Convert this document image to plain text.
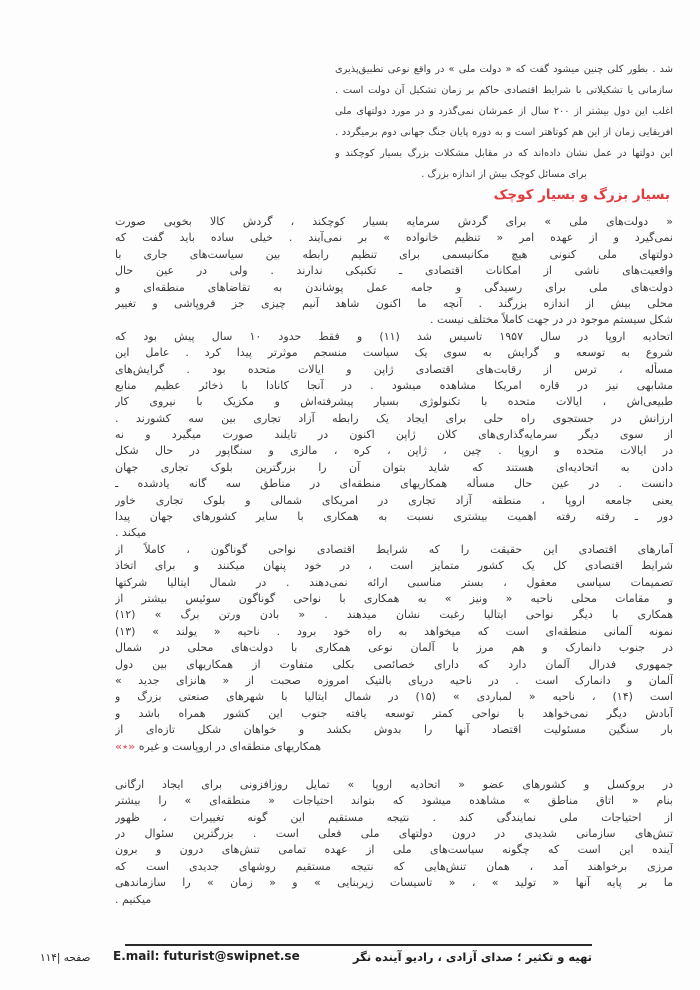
شد . بطور کلی چنین میشود گفت که « دولت ملی » در واقع نوعی تطبیق‌پذیری
سازمانی یا تشکیلاتی با شرایط اقتصادی حاکم بر زمان تشکیل آن دولت است .
اغلب این دول بیشتر از ۲۰۰ سال از عمرشان نمی‌گذرد و در مورد دولتهای ملی
افریقایی زمان از این هم کوتاهتر است و به دوره پایان جنگ جهانی دوم برمیگردد .
این دولتها در عمل نشان داده‌اند که در مقابل مشکلات بزرگ بسیار کوچکند و
برای مسائل کوچک بیش از اندازه بزرگ .
بسیار بزرگ و بسیار کوچک
« دولت‌های ملی » برای گردش سرمایه بسیار کوچکند ، گردش کالا بخوبی صورت
نمی‌گیرد و از عهده امر « تنظیم خانواده » بر نمی‌آیند . خیلی ساده باید گفت که
دولتهای ملی کنونی هیچ مکانیسمی برای تنظیم رابطه بین سیاست‌های جاری با
واقعیت‌های ناشی از امکانات اقتصادی ـ تکنیکی ندارند . ولی در عین حال
دولت‌های ملی برای رسیدگی و جامه عمل پوشاندن به تقاضاهای منطقه‌ای و
محلی بیش از اندازه بزرگند . آنچه ما اکنون شاهد آنیم چیزی جز فروپاشی و تغییر
شکل سیستم موجود در در جهت کاملاً مختلف نیست .
اتحادیه اروپا در سال ۱۹۵۷ تاسیس شد (۱۱) و فقط حدود ۱۰ سال پیش بود که
شروع به توسعه و گرایش به سوی یک سیاست منسجم موثرتر پیدا کرد . عامل این
مسأله ، ترس از رقابت‌های اقتصادی ژاپن و ایالات متحده بود . گرایش‌های
مشابهی نیز در قاره امریکا مشاهده میشود . در آنجا کانادا با ذخائر عظیم منابع
طبیعی‌اش ، ایالات متحده با تکنولوژی بسیار پیشرفته‌اش و مکزیک با نیروی کار
ارزانش در جستجوی راه حلی برای ایجاد یک رابطه آزاد تجاری بین سه کشورند .
از سوی دیگر سرمایه‌گذاری‌های کلان ژاپن اکنون در تایلند صورت میگیرد و نه
در ایالات متحده و اروپا . چین ، ژاپن ، کره ، مالزی و سنگاپور در حال شکل
دادن به اتحادیه‌ای هستند که شاید بتوان آن را بزرگترین بلوک تجاری جهان
دانست . در عین حال مسأله همکاریهای منطقه‌ای در مناطق سه گانه یادشده ـ
یعنی جامعه اروپا ، منطقه آزاد تجاری در امریکای شمالی و بلوک تجاری خاور
دور ـ رفته رفته اهمیت بیشتری نسبت به همکاری با سایر کشورهای جهان پیدا
میکند .
آمارهای اقتصادی این حقیقت را که شرایط اقتصادی نواحی گوناگون ، کاملاً از
شرایط اقتصادی کل یک کشور متمایز است ، در خود پنهان میکنند و برای اتخاذ
تصمیمات سیاسی معقول ، بستر مناسبی ارائه نمی‌دهند . در شمال ایتالیا شرکتها
و مقامات محلی ناحیه « ونیز » به همکاری با نواحی گوناگون سوئیس بیشتر از
همکاری با دیگر نواحی ایتالیا رغبت نشان میدهند . « بادن ورتن برگ » (۱۲)
نمونه آلمانی منطقه‌ای است که میخواهد به راه خود برود . ناحیه « یولند » (۱۳)
در جنوب دانمارک و هم مرز با آلمان نوعی همکاری با دولت‌های محلی در شمال
جمهوری فدرال آلمان دارد که دارای خصائصی بکلی متفاوت از همکاریهای بین دول
آلمان و دانمارک است . در ناحیه دریای بالتیک امروزه صحبت از « هانزای جدید »
است (۱۴) ، ناحیه « لمباردی » (۱۵) در شمال ایتالیا با شهرهای صنعتی بزرگ و
آبادش دیگر نمی‌خواهد با نواحی کمتر توسعه یافته جنوب این کشور همراه باشد و
بار سنگین مسئولیت اقتصاد آنها را بدوش بکشد و خواهان شکل تازه‌ای از
همکاریهای منطقه‌ای در اروپاست و غیره «٭»
در بروکسل و کشورهای عضو « اتحادیه اروپا » تمایل روزافزونی برای ایجاد ارگانی
بنام « اتاق مناطق » مشاهده میشود که بتواند احتیاجات « منطقه‌ای » را بیشتر
از احتیاجات ملی نمایندگی کند . نتیجه مستقیم این گونه تغییرات ، ظهور
تنش‌های سازمانی شدیدی در درون دولتهای ملی فعلی است . بزرگترین سئوال در
آینده این است که چگونه سیاست‌های ملی از عهده تمامی تنش‌های درون و برون
مرزی برخواهند آمد ، همان تنش‌هایی که نتیجه مستقیم روشهای جدیدی است که
ما بر پایه آنها « تولید » ، « تاسیسات زیربنایی » و « زمان » را سازماندهی
میکنیم .
تهیه و تکثیر ؛ صدای آزادی ، رادیو آینده نگر
E.mail: futurist@swipnet.se
صفحه |۱۱۴
